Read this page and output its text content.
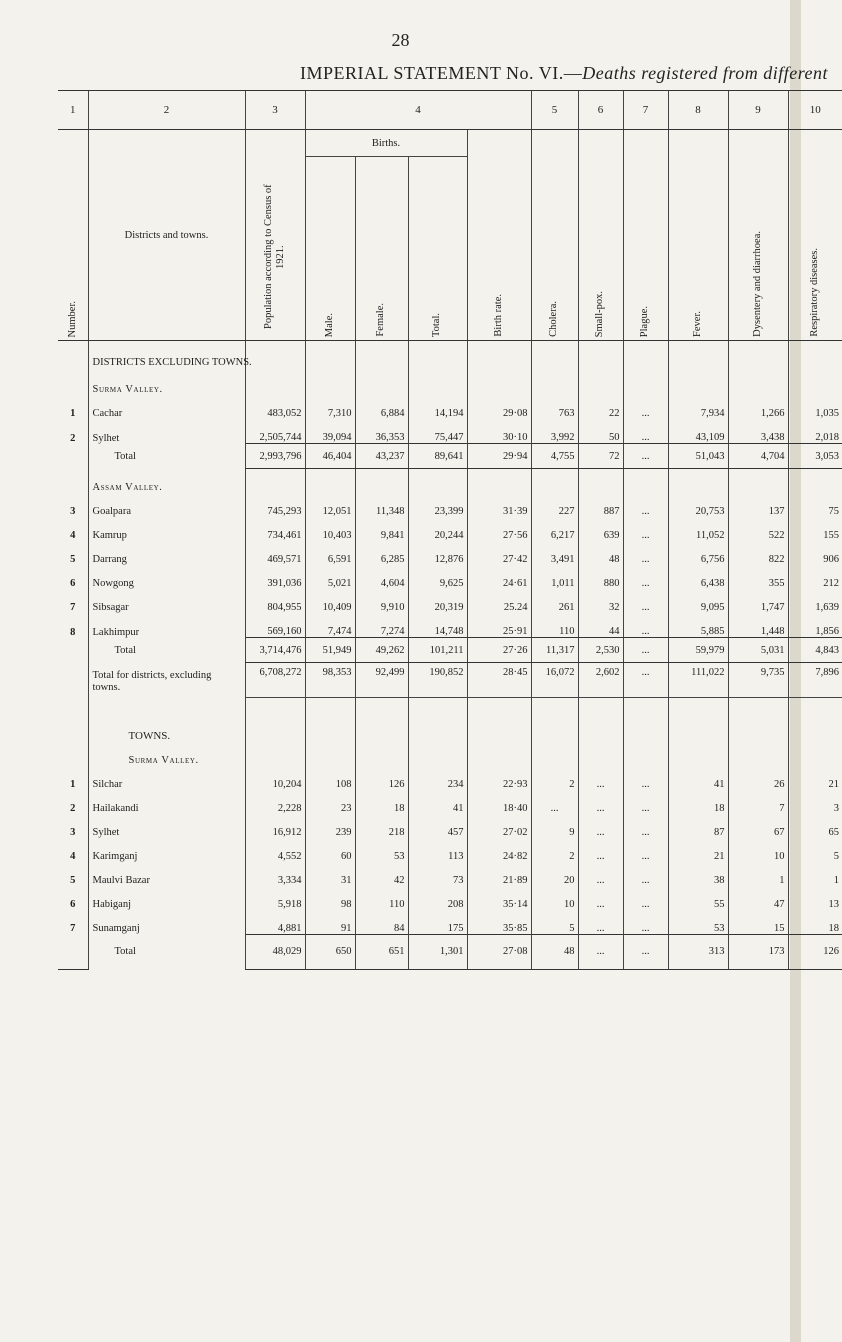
28
IMPERIAL STATEMENT No. VI.—Deaths registered from different
1	2	3	4				5	6	7	8	9	10
Number.	Districts and towns.	Population according to Census of 1921.	Births.			Birth rate.	Cholera.	Small-pox.	Plague.	Fever.	Dysentery and diarrhoea.	Respiratory diseases.
			Male.	Female.	Total.							
	DISTRICTS EXCLUDING TOWNS.											
	Surma Valley.											
1	Cachar	483,052	7,310	6,884	14,194	29·08	763	22	...	7,934	1,266	1,035
2	Sylhet	2,505,744	39,094	36,353	75,447	30·10	3,992	50	...	43,109	3,438	2,018
	Total	2,993,796	46,404	43,237	89,641	29·94	4,755	72	...	51,043	4,704	3,053
	Assam Valley.											
3	Goalpara	745,293	12,051	11,348	23,399	31·39	227	887	...	20,753	137	75
4	Kamrup	734,461	10,403	9,841	20,244	27·56	6,217	639	...	11,052	522	155
5	Darrang	469,571	6,591	6,285	12,876	27·42	3,491	48	...	6,756	822	906
6	Nowgong	391,036	5,021	4,604	9,625	24·61	1,011	880	...	6,438	355	212
7	Sibsagar	804,955	10,409	9,910	20,319	25.24	261	32	...	9,095	1,747	1,639
8	Lakhimpur	569,160	7,474	7,274	14,748	25·91	110	44	...	5,885	1,448	1,856
	Total	3,714,476	51,949	49,262	101,211	27·26	11,317	2,530	...	59,979	5,031	4,843
	Total for districts, excluding towns.	6,708,272	98,353	92,499	190,852	28·45	16,072	2,602	...	111,022	9,735	7,896
	TOWNS.											
	Surma Valley.											
1	Silchar	10,204	108	126	234	22·93	2	...	...	41	26	21
2	Hailakandi	2,228	23	18	41	18·40	...	...	...	18	7	3
3	Sylhet	16,912	239	218	457	27·02	9	...	...	87	67	65
4	Karimganj	4,552	60	53	113	24·82	2	...	...	21	10	5
5	Maulvi Bazar	3,334	31	42	73	21·89	20	...	...	38	1	1
6	Habiganj	5,918	98	110	208	35·14	10	...	...	55	47	13
7	Sunamganj	4,881	91	84	175	35·85	5	...	...	53	15	18
	Total	48,029	650	651	1,301	27·08	48	...	...	313	173	126
